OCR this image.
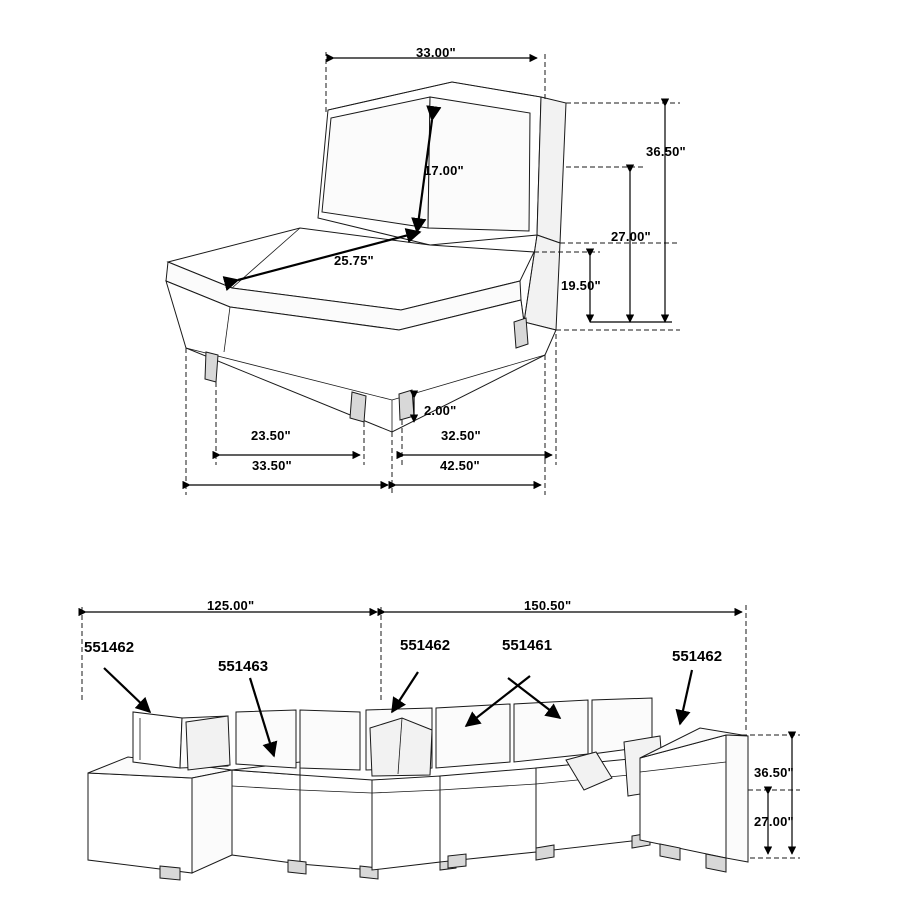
33.00"
17.00"
25.75"
36.50"
27.00"
19.50"
2.00"
23.50"
33.50"
32.50"
42.50"
125.00"	150.50"
36.50"
27.00"
551462
551463
551462	551461
551462
